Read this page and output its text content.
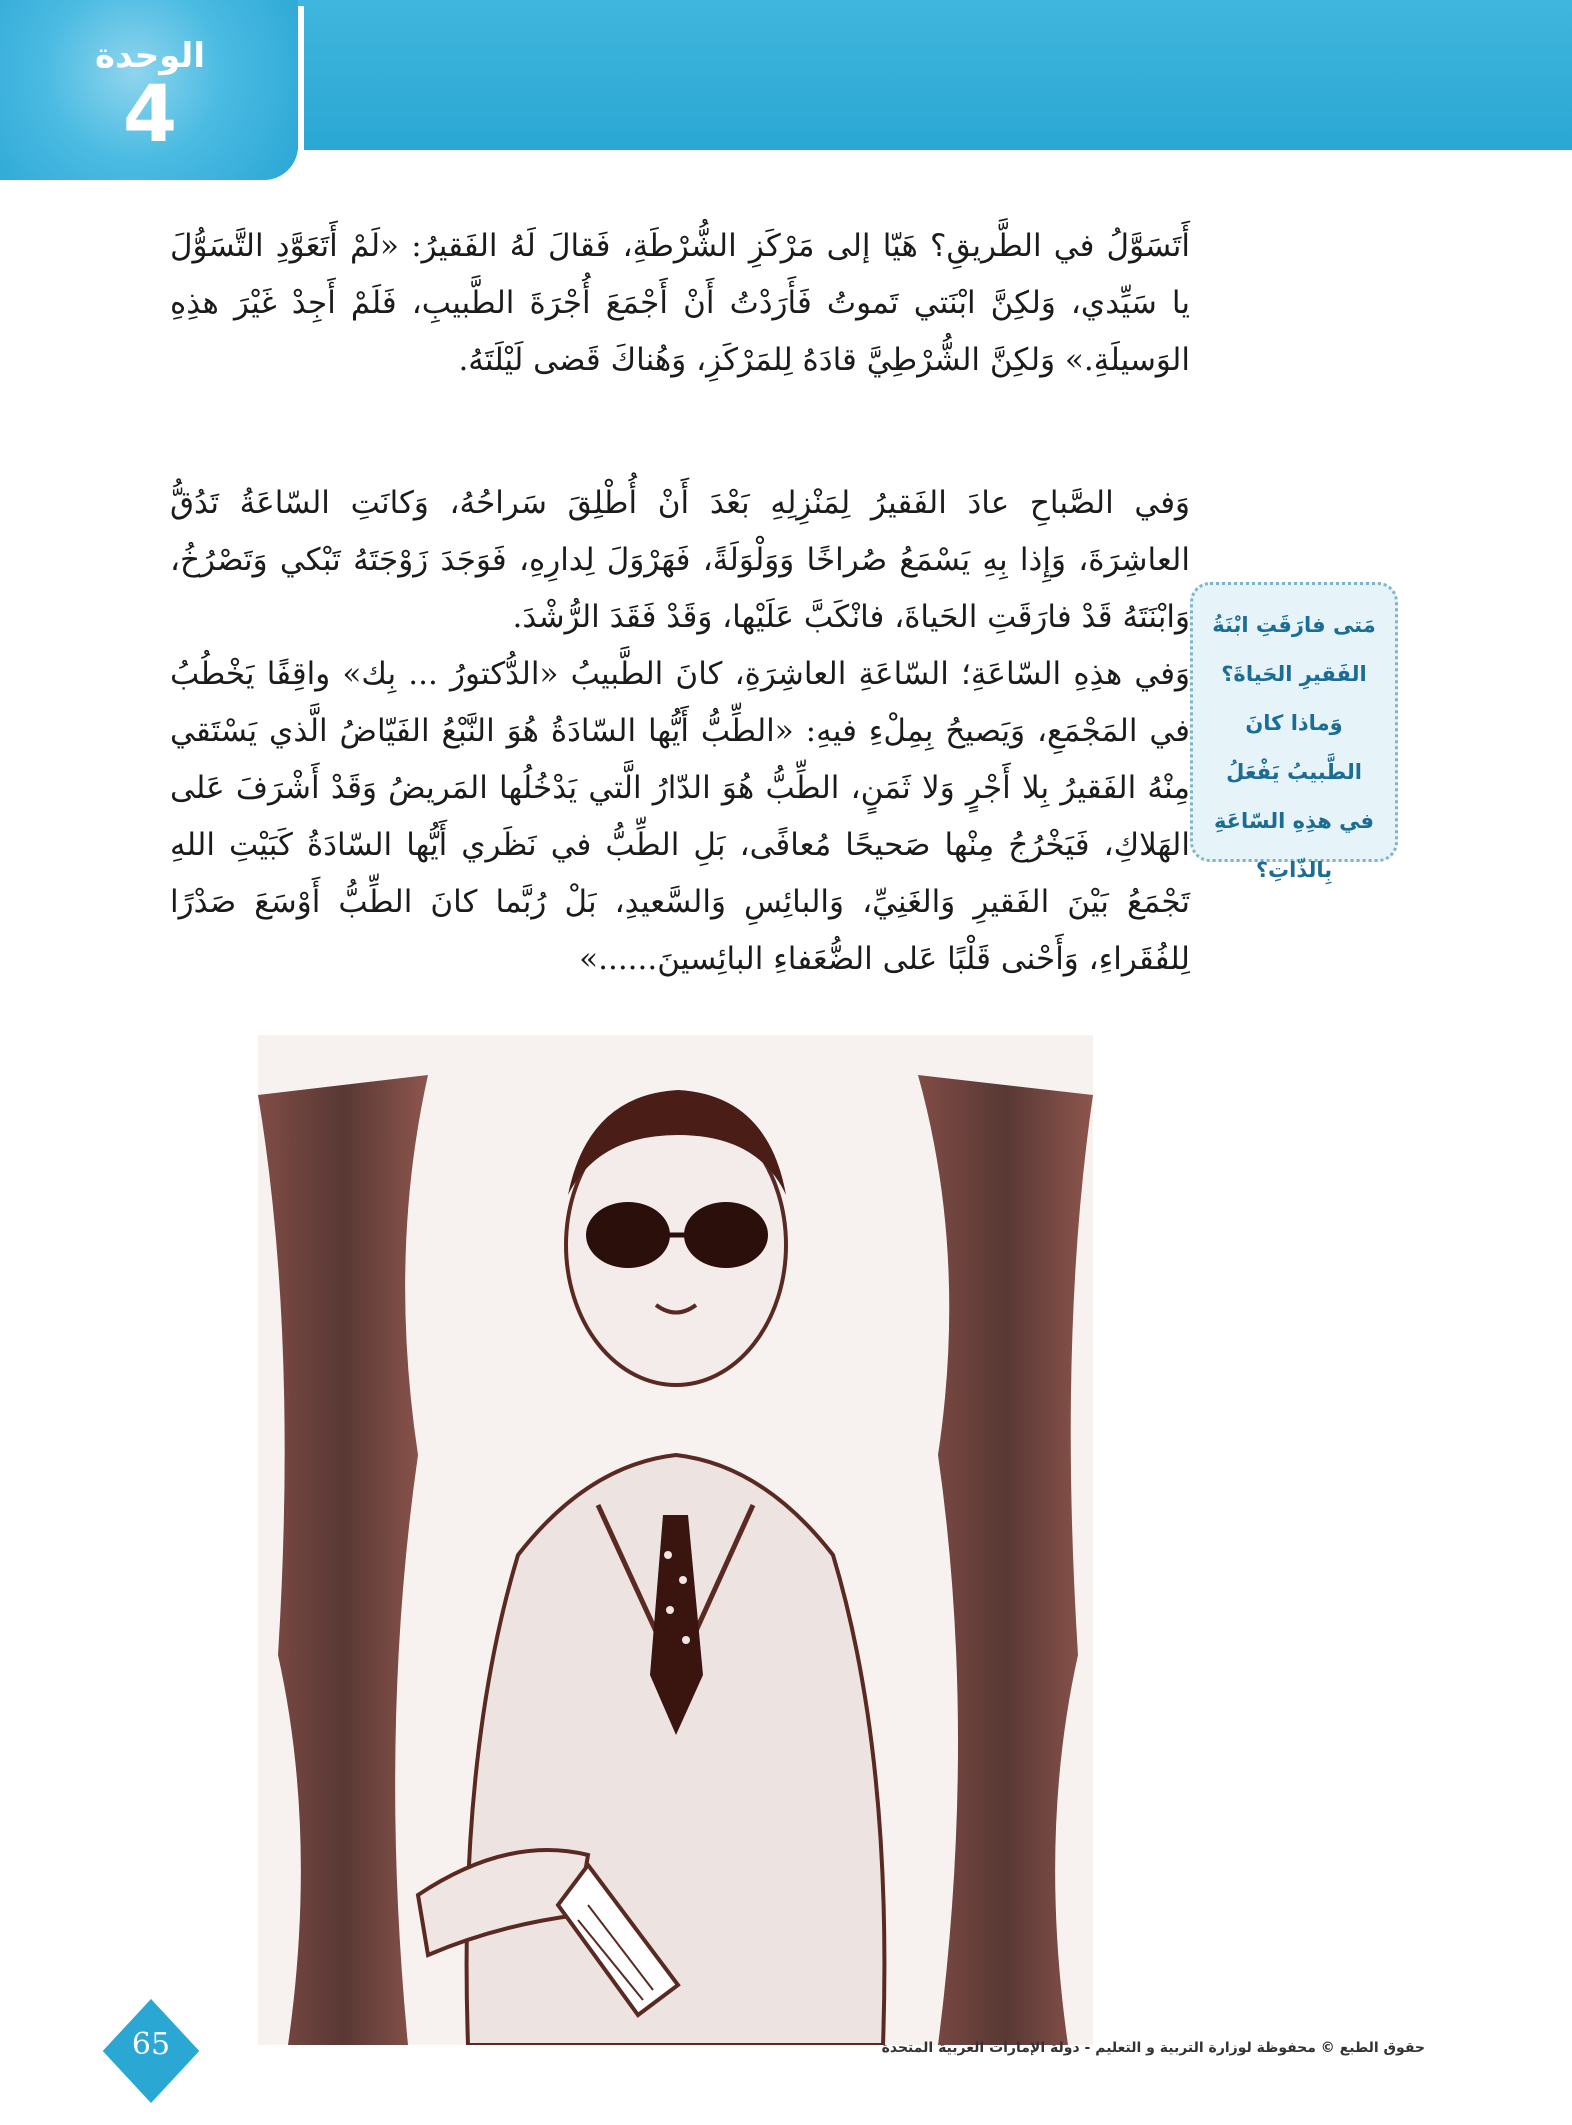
الوحدة
4

أَتَسَوَّلُ في الطَّريقِ؟ هَيّا إلى مَرْكَزِ الشُّرْطَةِ، فَقالَ لَهُ الفَقيرُ: «لَمْ أَتَعَوَّدِ التَّسَوُّلَ يا سَيِّدي، وَلكِنَّ ابْنَتي تَموتُ فَأَرَدْتُ أَنْ أَجْمَعَ أُجْرَةَ الطَّبيبِ، فَلَمْ أَجِدْ غَيْرَ هذِهِ الوَسيلَةِ.» وَلكِنَّ الشُّرْطِيَّ قادَهُ لِلمَرْكَزِ، وَهُناكَ قَضى لَيْلَتَهُ.

وَفي الصَّباحِ عادَ الفَقيرُ لِمَنْزِلِهِ بَعْدَ أَنْ أُطْلِقَ سَراحُهُ، وَكانَتِ السّاعَةُ تَدُقُّ العاشِرَةَ، وَإِذا بِهِ يَسْمَعُ صُراخًا وَوَلْوَلَةً، فَهَرْوَلَ لِدارِهِ، فَوَجَدَ زَوْجَتَهُ تَبْكي وَتَصْرُخُ، وَابْنَتَهُ قَدْ فارَقَتِ الحَياةَ، فانْكَبَّ عَلَيْها، وَقَدْ فَقَدَ الرُّشْدَ.

وَفي هذِهِ السّاعَةِ؛ السّاعَةِ العاشِرَةِ، كانَ الطَّبيبُ «الدُّكتورُ ... بِك» واقِفًا يَخْطُبُ في المَجْمَعِ، وَيَصيحُ بِمِلْءِ فيهِ: «الطِّبُّ أَيُّها السّادَةُ هُوَ النَّبْعُ الفَيّاضُ الَّذي يَسْتَقي مِنْهُ الفَقيرُ بِلا أَجْرٍ وَلا ثَمَنٍ، الطِّبُّ هُوَ الدّارُ الَّتي يَدْخُلُها المَريضُ وَقَدْ أَشْرَفَ عَلى الهَلاكِ، فَيَخْرُجُ مِنْها صَحيحًا مُعافًى، بَلِ الطِّبُّ في نَظَري أَيُّها السّادَةُ كَبَيْتِ اللهِ تَجْمَعُ بَيْنَ الفَقيرِ وَالغَنِيِّ، وَالبائِسِ وَالسَّعيدِ، بَلْ رُبَّما كانَ الطِّبُّ أَوْسَعَ صَدْرًا لِلفُقَراءِ، وَأَحْنى قَلْبًا عَلى الضُّعَفاءِ البائِسينَ......»

مَتى فارَقَتِ ابْنَةُ الفَقيرِ الحَياةَ؟ وَماذا كانَ الطَّبيبُ يَفْعَلُ في هذِهِ السّاعَةِ بِالذّاتِ؟
65	حقوق الطبع © محفوظة لوزارة التربية و التعليم - دولة الإمارات العربية المتحدة
